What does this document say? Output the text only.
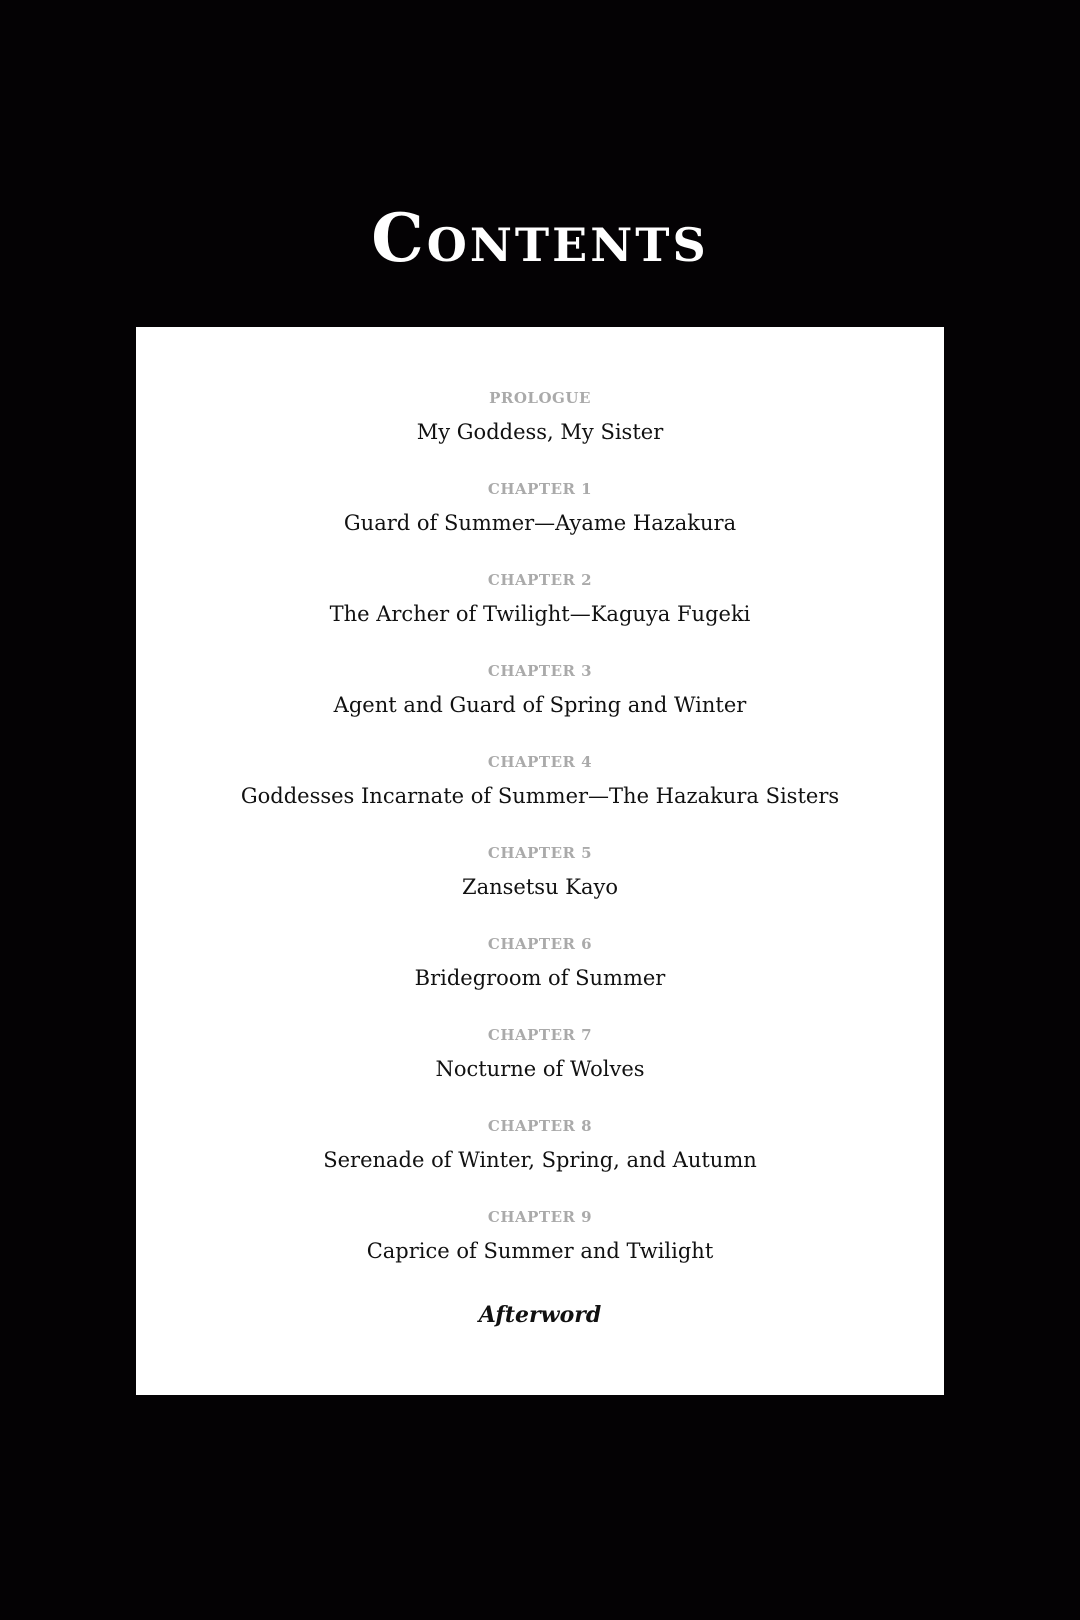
Contents
PROLOGUE
My Goddess, My Sister
CHAPTER 1
Guard of Summer—Ayame Hazakura
CHAPTER 2
The Archer of Twilight—Kaguya Fugeki
CHAPTER 3
Agent and Guard of Spring and Winter
CHAPTER 4
Goddesses Incarnate of Summer—The Hazakura Sisters
CHAPTER 5
Zansetsu Kayo
CHAPTER 6
Bridegroom of Summer
CHAPTER 7
Nocturne of Wolves
CHAPTER 8
Serenade of Winter, Spring, and Autumn
CHAPTER 9
Caprice of Summer and Twilight
Afterword
